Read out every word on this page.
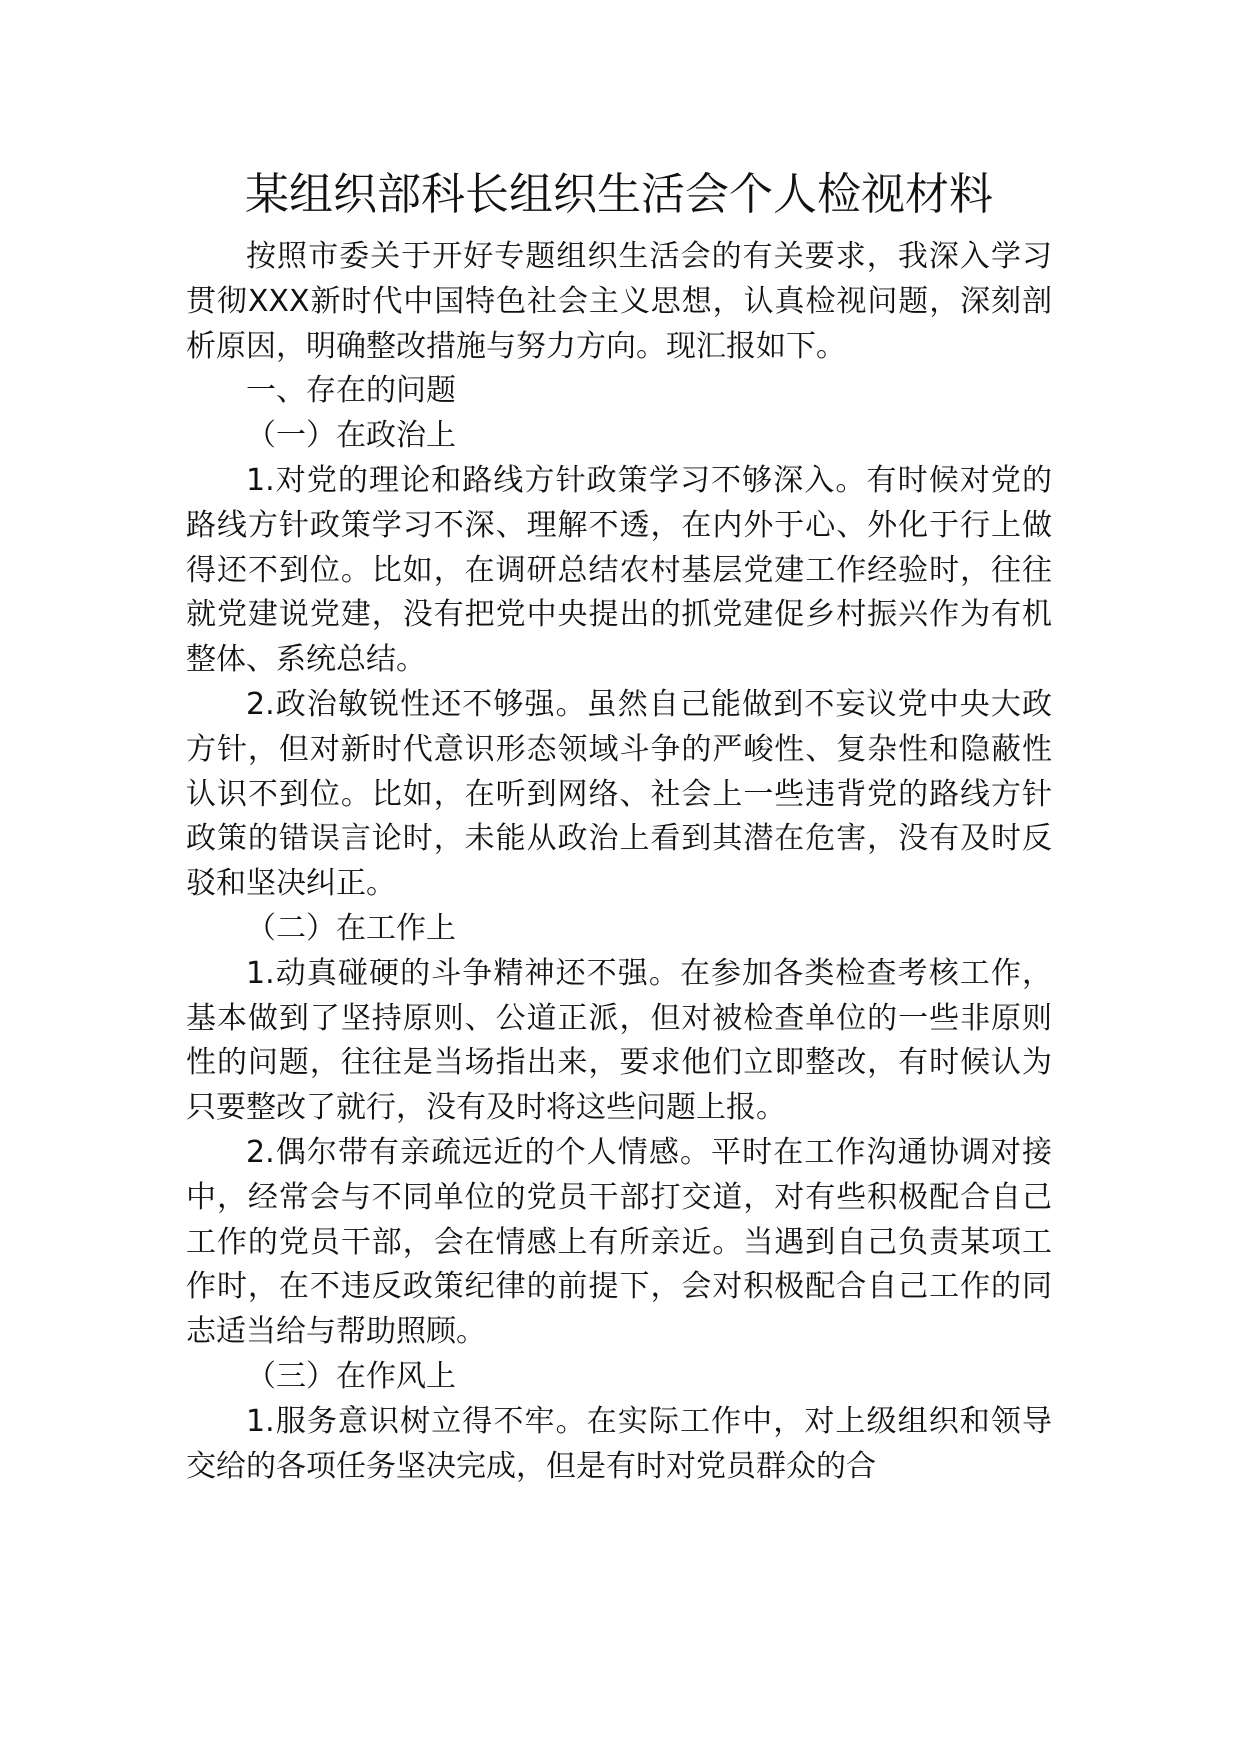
某组织部科长组织生活会个人检视材料

按照市委关于开好专题组织生活会的有关要求，我深入学习贯彻XXX新时代中国特色社会主义思想，认真检视问题，深刻剖析原因，明确整改措施与努力方向。现汇报如下。

一、存在的问题

（一）在政治上

1.对党的理论和路线方针政策学习不够深入。有时候对党的路线方针政策学习不深、理解不透，在内外于心、外化于行上做得还不到位。比如，在调研总结农村基层党建工作经验时，往往就党建说党建，没有把党中央提出的抓党建促乡村振兴作为有机整体、系统总结。

2.政治敏锐性还不够强。虽然自己能做到不妄议党中央大政方针，但对新时代意识形态领域斗争的严峻性、复杂性和隐蔽性认识不到位。比如，在听到网络、社会上一些违背党的路线方针政策的错误言论时，未能从政治上看到其潜在危害，没有及时反驳和坚决纠正。

（二）在工作上

1.动真碰硬的斗争精神还不强。在参加各类检查考核工作，基本做到了坚持原则、公道正派，但对被检查单位的一些非原则性的问题，往往是当场指出来，要求他们立即整改，有时候认为只要整改了就行，没有及时将这些问题上报。

2.偶尔带有亲疏远近的个人情感。平时在工作沟通协调对接中，经常会与不同单位的党员干部打交道，对有些积极配合自己工作的党员干部，会在情感上有所亲近。当遇到自己负责某项工作时，在不违反政策纪律的前提下，会对积极配合自己工作的同志适当给与帮助照顾。

（三）在作风上

1.服务意识树立得不牢。在实际工作中，对上级组织和领导交给的各项任务坚决完成，但是有时对党员群众的合
